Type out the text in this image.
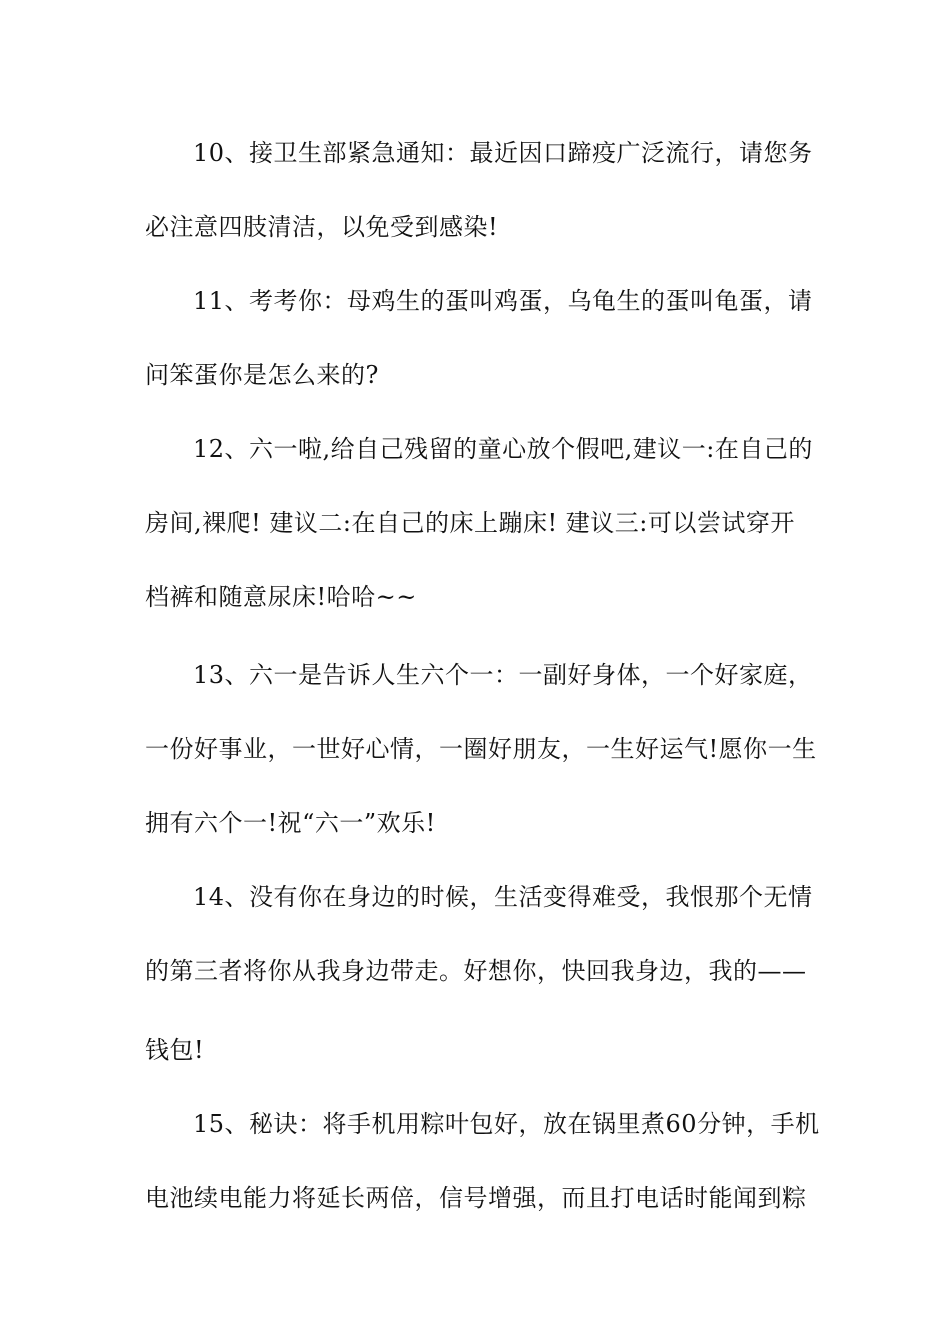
10、接卫生部紧急通知：最近因口蹄疫广泛流行，请您务
必注意四肢清洁，以免受到感染!
11、考考你：母鸡生的蛋叫鸡蛋，乌龟生的蛋叫龟蛋，请
问笨蛋你是怎么来的?
12、六一啦,给自己残留的童心放个假吧,建议一:在自己的
房间,裸爬! 建议二:在自己的床上蹦床! 建议三:可以尝试穿开
档裤和随意尿床!哈哈~~
13、六一是告诉人生六个一：一副好身体，一个好家庭，
一份好事业，一世好心情，一圈好朋友，一生好运气!愿你一生
拥有六个一!祝“六一”欢乐!
14、没有你在身边的时候，生活变得难受，我恨那个无情
的第三者将你从我身边带走。好想你，快回我身边，我的——
钱包!
15、秘诀：将手机用粽叶包好，放在锅里煮60分钟，手机
电池续电能力将延长两倍，信号增强，而且打电话时能闻到粽
